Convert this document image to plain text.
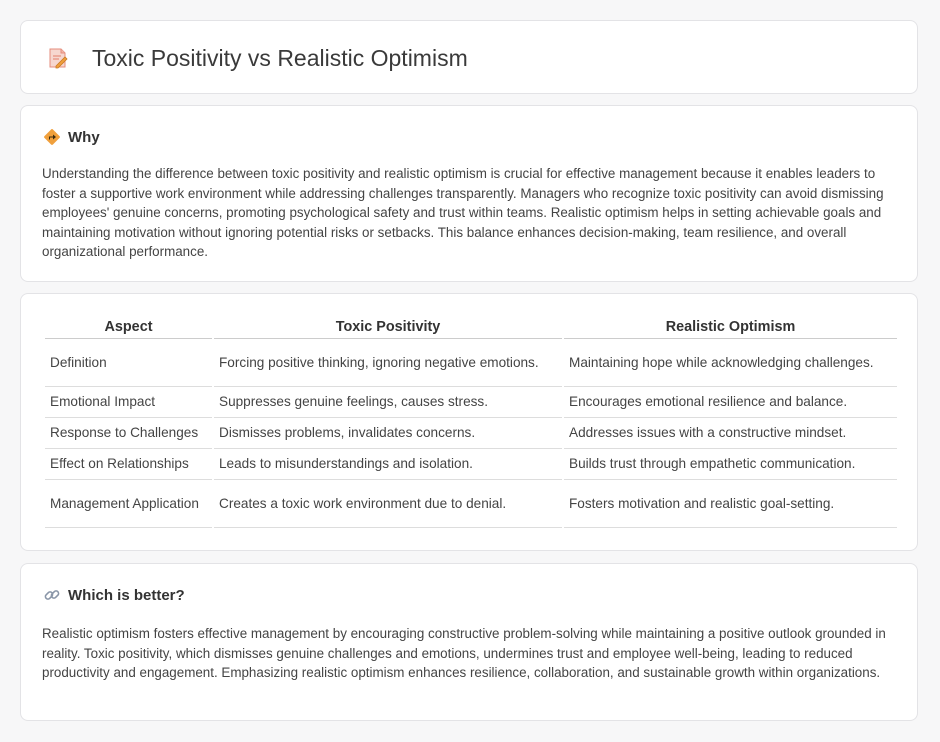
Toxic Positivity vs Realistic Optimism
Why
Understanding the difference between toxic positivity and realistic optimism is crucial for effective management because it enables leaders to foster a supportive work environment while addressing challenges transparently. Managers who recognize toxic positivity can avoid dismissing employees' genuine concerns, promoting psychological safety and trust within teams. Realistic optimism helps in setting achievable goals and maintaining motivation without ignoring potential risks or setbacks. This balance enhances decision-making, team resilience, and overall organizational performance.
Aspect	Toxic Positivity	Realistic Optimism
Definition	Forcing positive thinking, ignoring negative emotions.	Maintaining hope while acknowledging challenges.
Emotional Impact	Suppresses genuine feelings, causes stress.	Encourages emotional resilience and balance.
Response to Challenges	Dismisses problems, invalidates concerns.	Addresses issues with a constructive mindset.
Effect on Relationships	Leads to misunderstandings and isolation.	Builds trust through empathetic communication.
Management Application	Creates a toxic work environment due to denial.	Fosters motivation and realistic goal-setting.
Which is better?
Realistic optimism fosters effective management by encouraging constructive problem-solving while maintaining a positive outlook grounded in reality. Toxic positivity, which dismisses genuine challenges and emotions, undermines trust and employee well-being, leading to reduced productivity and engagement. Emphasizing realistic optimism enhances resilience, collaboration, and sustainable growth within organizations.
